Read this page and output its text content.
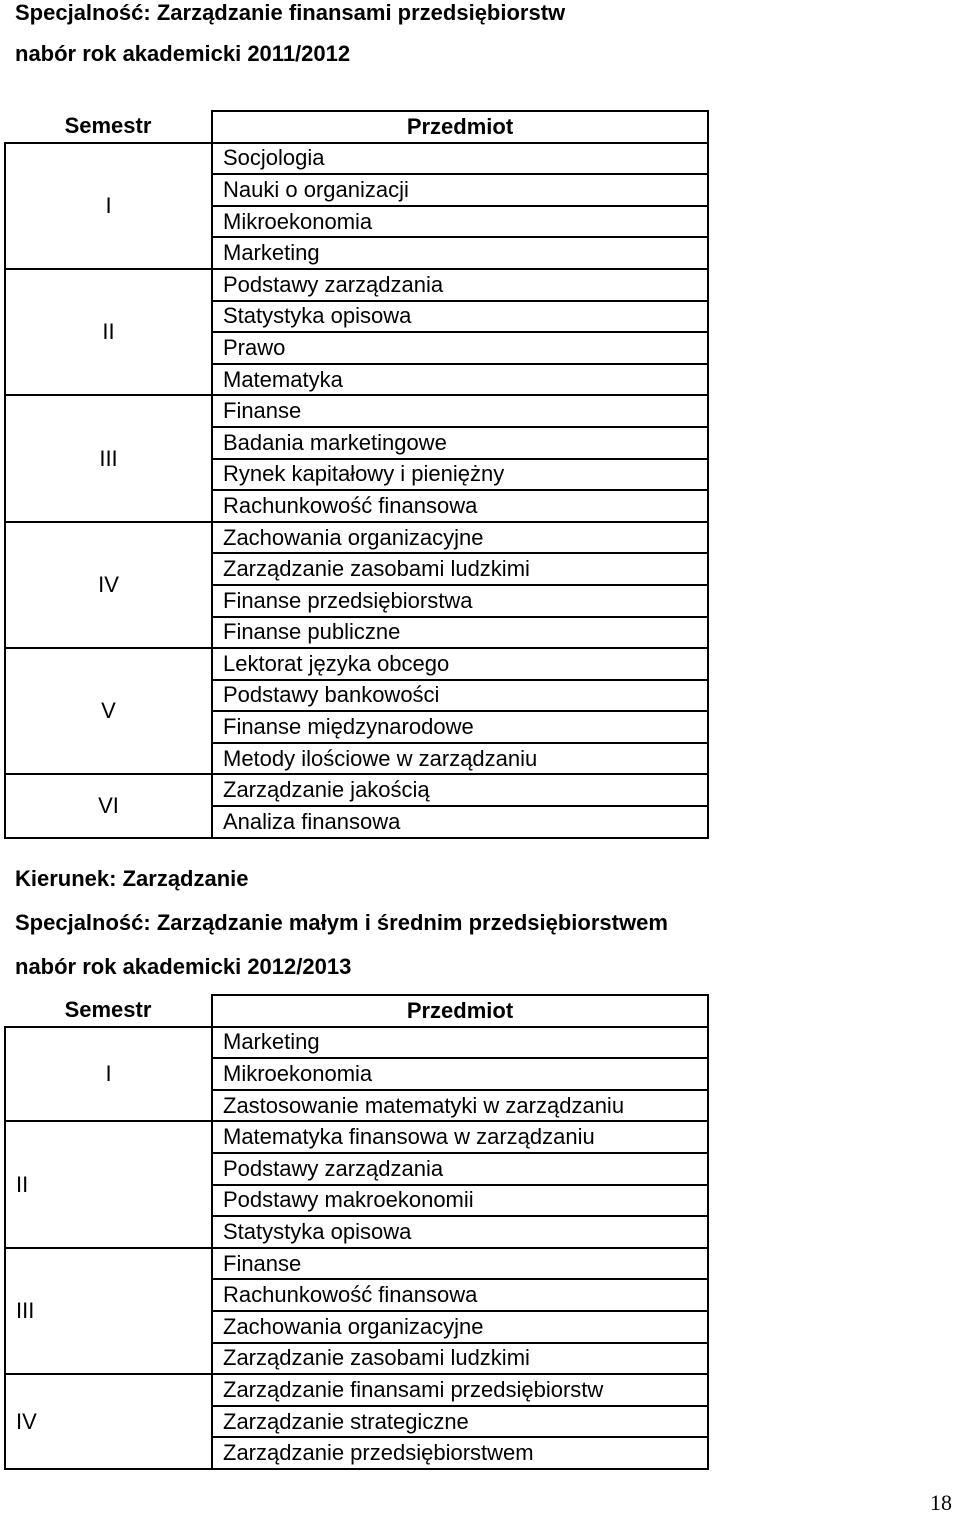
Specjalność: Zarządzanie finansami przedsiębiorstw

nabór rok akademicki 2011/2012

Semestr	Przedmiot
I	Socjologia
	Nauki o organizacji
	Mikroekonomia
	Marketing
II	Podstawy zarządzania
	Statystyka opisowa
	Prawo
	Matematyka
III	Finanse
	Badania marketingowe
	Rynek kapitałowy i pieniężny
	Rachunkowość finansowa
IV	Zachowania organizacyjne
	Zarządzanie zasobami ludzkimi
	Finanse przedsiębiorstwa
	Finanse publiczne
V	Lektorat języka obcego
	Podstawy bankowości
	Finanse międzynarodowe
	Metody ilościowe w zarządzaniu
VI	Zarządzanie jakością
	Analiza finansowa

Kierunek: Zarządzanie

Specjalność: Zarządzanie małym i średnim przedsiębiorstwem

nabór rok akademicki 2012/2013

Semestr	Przedmiot
I	Marketing
	Mikroekonomia
	Zastosowanie matematyki w zarządzaniu
II	Matematyka finansowa w zarządzaniu
	Podstawy zarządzania
	Podstawy makroekonomii
	Statystyka opisowa
III	Finanse
	Rachunkowość finansowa
	Zachowania organizacyjne
	Zarządzanie zasobami ludzkimi
IV	Zarządzanie finansami przedsiębiorstw
	Zarządzanie strategiczne
	Zarządzanie przedsiębiorstwem
18
